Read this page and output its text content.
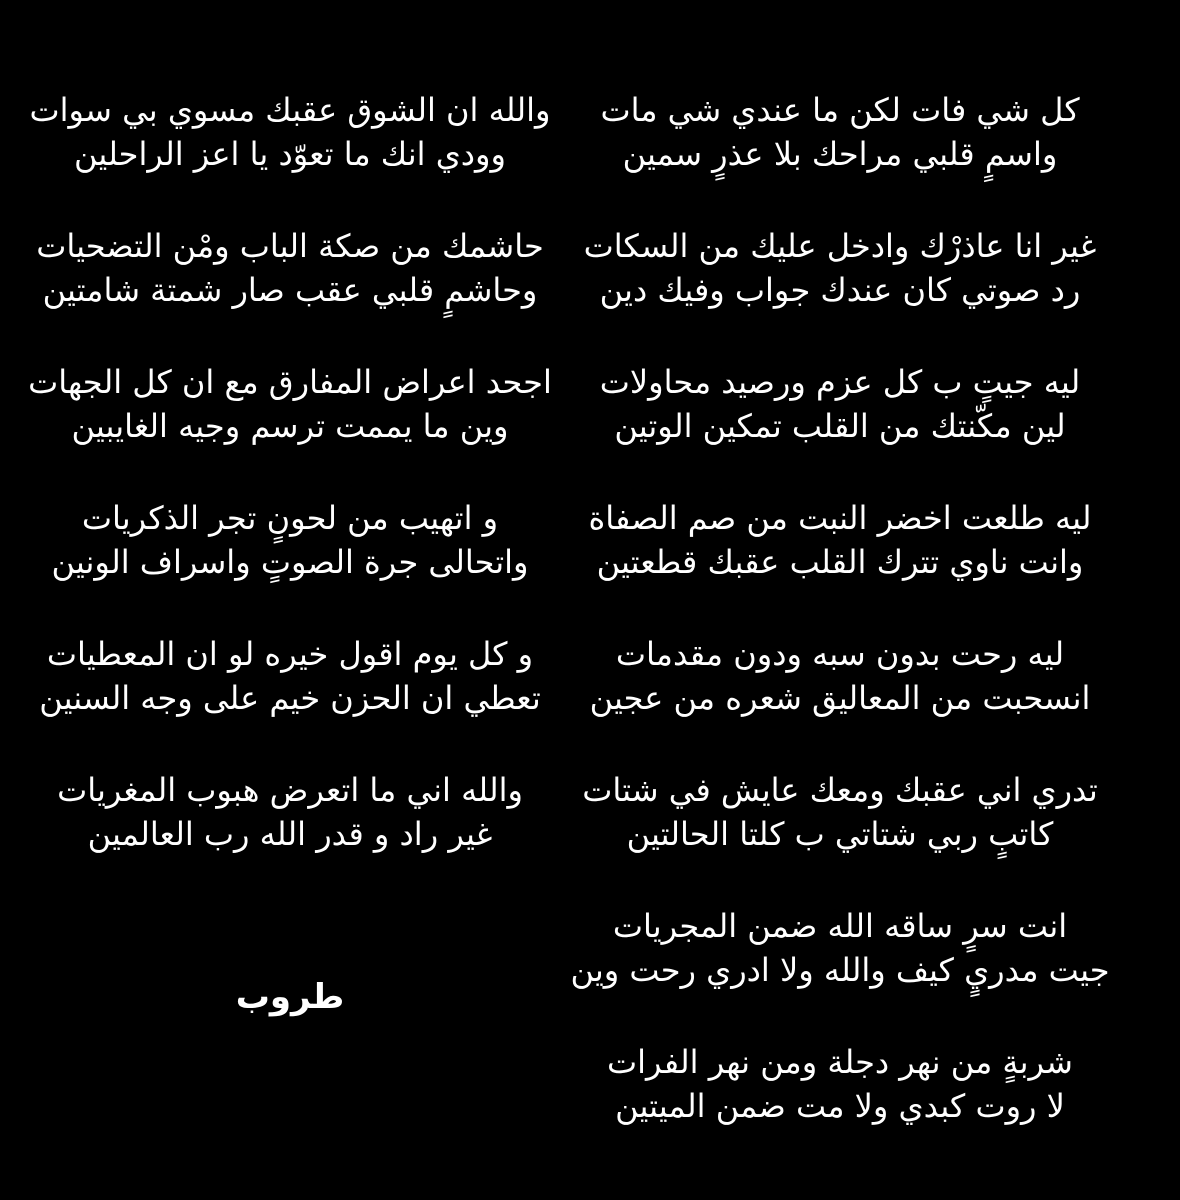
كل شي فات لكن ما عندي شي مات
واسمٍ قلبي مراحك بلا عذرٍ سمين
غير انا عاذرْك وادخل عليك من السكات
رد صوتي كان عندك جواب وفيك دين
ليه جيتٍ ب كل عزم ورصيد محاولات
لين مكّنتك من القلب تمكين الوتين
ليه طلعت اخضر النبت من صم الصفاة
وانت ناوي تترك القلب عقبك قطعتين
ليه رحت بدون سبه ودون مقدمات
انسحبت من المعاليق شعره من عجين
تدري اني عقبك ومعك عايش في شتات
كاتبٍ ربي شتاتي ب كلتا الحالتين
انت سرٍ ساقه الله ضمن المجريات
جيت مدريٍ كيف والله ولا ادري رحت وين
شربةٍ من نهر دجلة ومن نهر الفرات
لا روت كبدي ولا مت ضمن الميتين
والله ان الشوق عقبك مسوي بي سوات
وودي انك ما تعوّد يا اعز الراحلين
حاشمك من صكة الباب ومْن التضحيات
وحاشمٍ قلبي عقب صار شمتة شامتين
اجحد اعراض المفارق مع ان كل الجهات
وين ما يممت ترسم وجيه الغايبين
و اتهيب من لحونٍ تجر الذكريات
واتحالى جرة الصوتٍ واسراف الونين
و كل يوم اقول خيره لو ان المعطيات
تعطي ان الحزن خيم على وجه السنين
والله اني ما اتعرض هبوب المغريات
غير راد و قدر الله رب العالمين
طروب
